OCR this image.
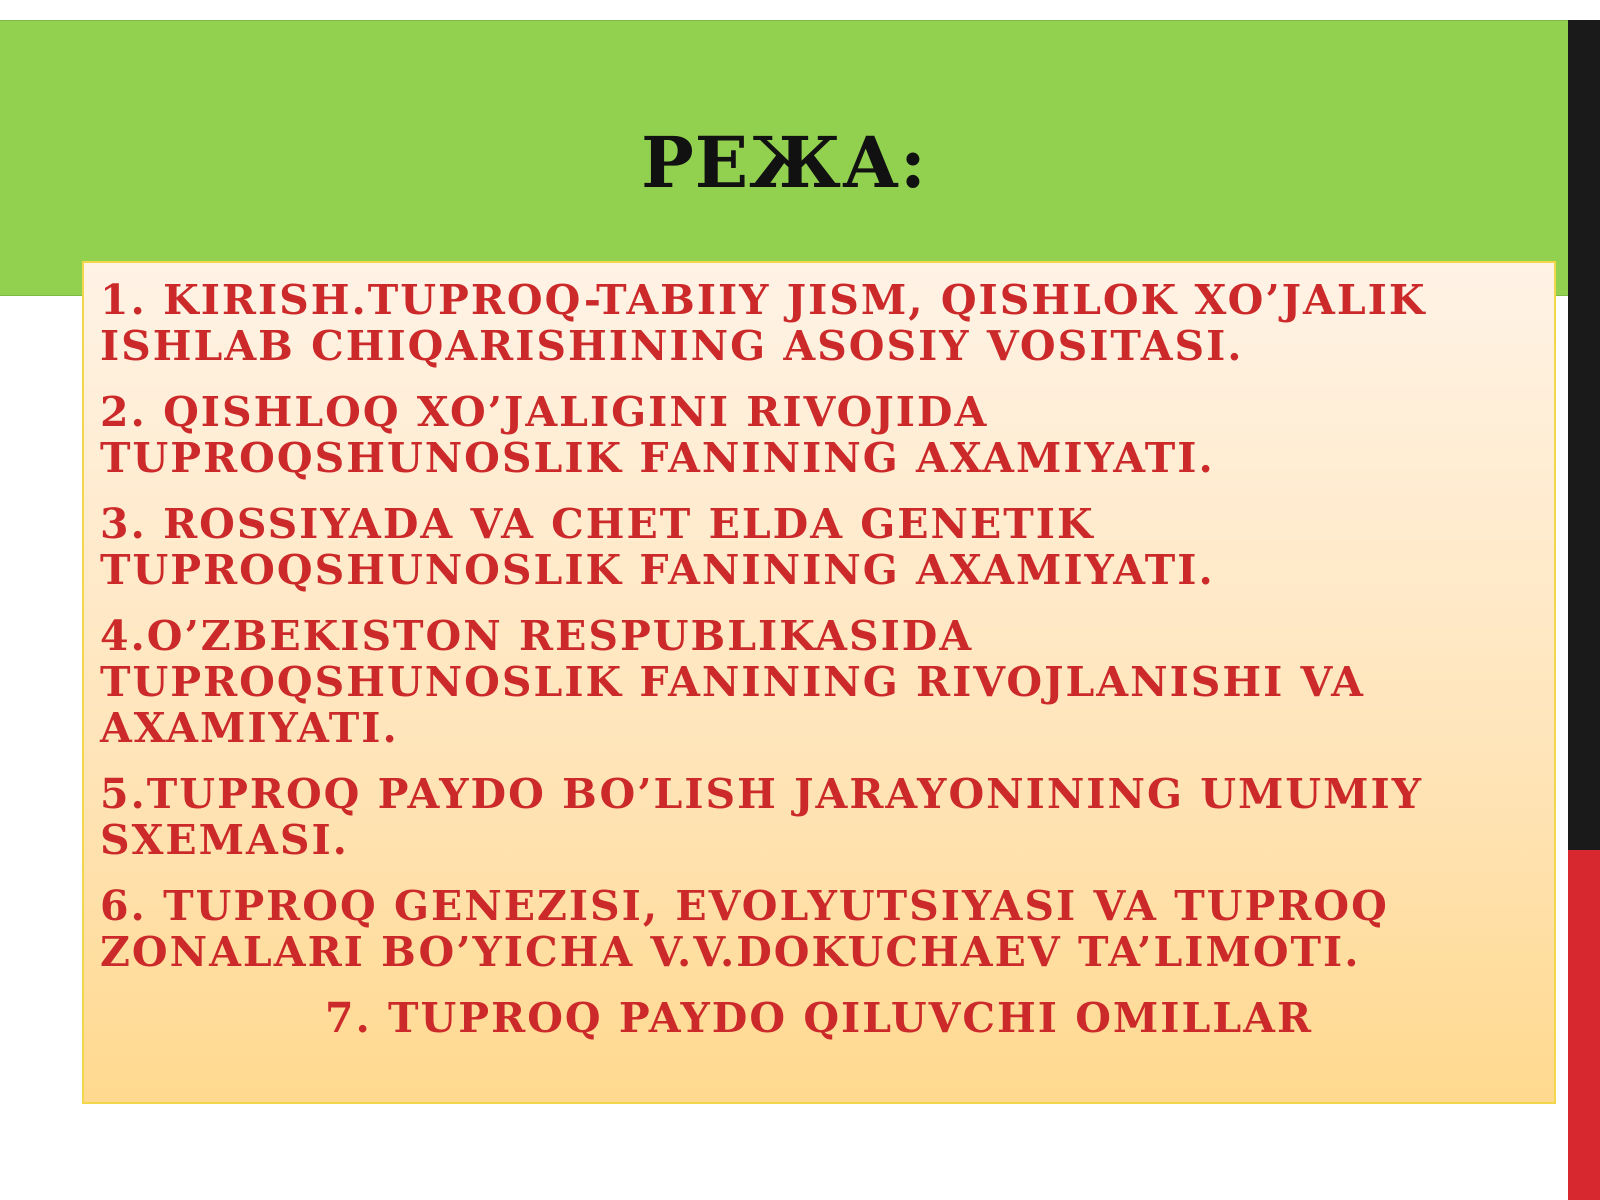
РЕЖА:
1. KIRISH.TUPROQ-TABIIY JISM, QISHLOK XO’JALIK
ISHLAB CHIQARISHINING ASOSIY VOSITASI.
2. QISHLOQ XO’JALIGINI RIVOJIDA
TUPROQSHUNOSLIK FANINING AXAMIYATI.
3. ROSSIYADA VA CHET ELDA GENETIK
TUPROQSHUNOSLIK FANINING AXAMIYATI.
4.O’ZBEKISTON RESPUBLIKASIDA
TUPROQSHUNOSLIK FANINING RIVOJLANISHI VA
AXAMIYATI.
5.TUPROQ PAYDO BO’LISH JARAYONINING UMUMIY
SXEMASI.
6. TUPROQ GENEZISI, EVOLYUTSIYASI VA TUPROQ
ZONALARI BO’YICHA V.V.DOKUCHAEV TA’LIMOTI.
7. TUPROQ PAYDO QILUVCHI OMILLAR
